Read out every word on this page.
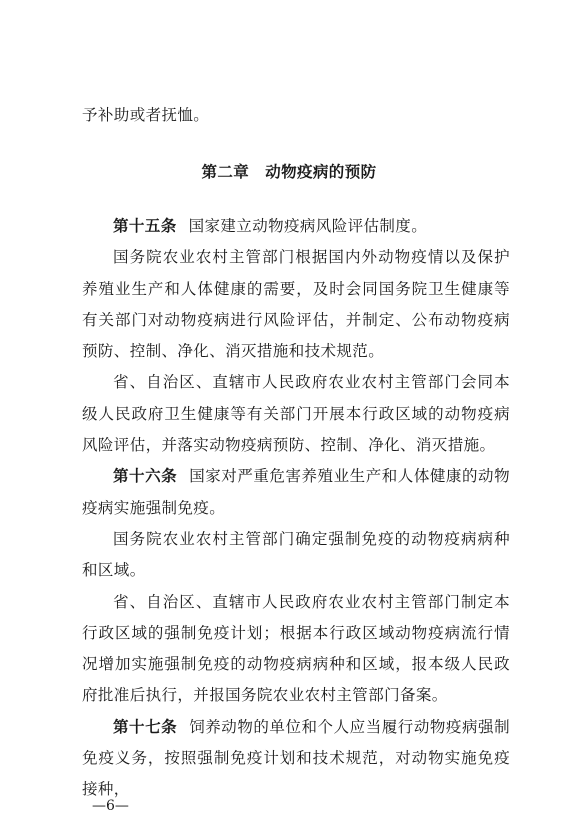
予补助或者抚恤。

第二章 动物疫病的预防

第十五条 国家建立动物疫病风险评估制度。

国务院农业农村主管部门根据国内外动物疫情以及保护养殖业生产和人体健康的需要，及时会同国务院卫生健康等有关部门对动物疫病进行风险评估，并制定、公布动物疫病预防、控制、净化、消灭措施和技术规范。

省、自治区、直辖市人民政府农业农村主管部门会同本级人民政府卫生健康等有关部门开展本行政区域的动物疫病风险评估，并落实动物疫病预防、控制、净化、消灭措施。

第十六条 国家对严重危害养殖业生产和人体健康的动物疫病实施强制免疫。

国务院农业农村主管部门确定强制免疫的动物疫病病种和区域。

省、自治区、直辖市人民政府农业农村主管部门制定本行政区域的强制免疫计划；根据本行政区域动物疫病流行情况增加实施强制免疫的动物疫病病种和区域，报本级人民政府批准后执行，并报国务院农业农村主管部门备案。

第十七条 饲养动物的单位和个人应当履行动物疫病强制免疫义务，按照强制免疫计划和技术规范，对动物实施免疫接种，

—6—
